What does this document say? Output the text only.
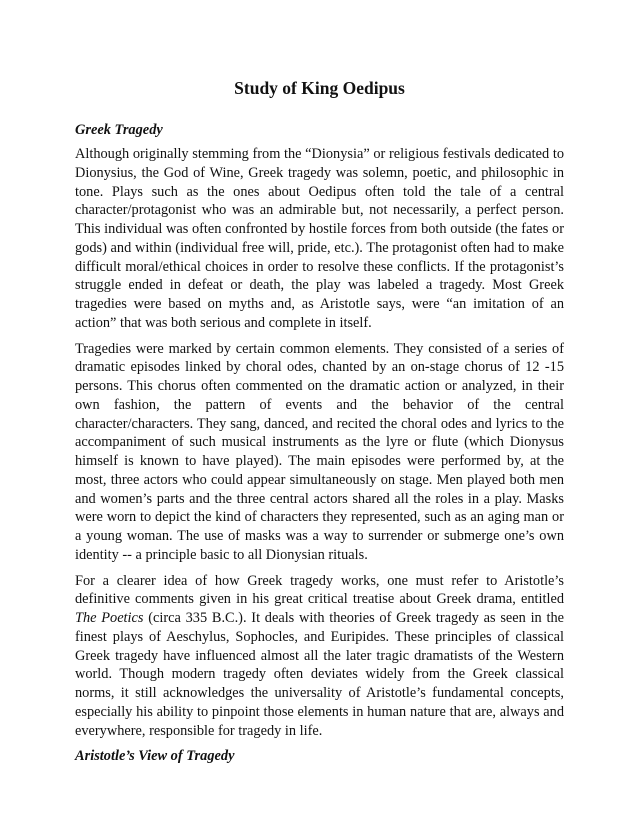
Study of King Oedipus
Greek Tragedy

Although originally stemming from the “Dionysia” or religious festivals dedicated to Dionysius, the God of Wine, Greek tragedy was solemn, poetic, and philosophic in tone. Plays such as the ones about Oedipus often told the tale of a central character/protagonist who was an admirable but, not necessarily, a perfect person. This individual was often confronted by hostile forces from both outside (the fates or gods) and within (individual free will, pride, etc.). The protagonist often had to make difficult moral/ethical choices in order to resolve these conflicts. If the protagonist’s struggle ended in defeat or death, the play was labeled a tragedy. Most Greek tragedies were based on myths and, as Aristotle says, were “an imitation of an action” that was both serious and complete in itself.

Tragedies were marked by certain common elements. They consisted of a series of dramatic episodes linked by choral odes, chanted by an on-stage chorus of 12 -15 persons. This chorus often commented on the dramatic action or analyzed, in their own fashion, the pattern of events and the behavior of the central character/characters. They sang, danced, and recited the choral odes and lyrics to the accompaniment of such musical instruments as the lyre or flute (which Dionysus himself is known to have played). The main episodes were performed by, at the most, three actors who could appear simultaneously on stage. Men played both men and women’s parts and the three central actors shared all the roles in a play. Masks were worn to depict the kind of characters they represented, such as an aging man or a young woman. The use of masks was a way to surrender or submerge one’s own identity -- a principle basic to all Dionysian rituals.

For a clearer idea of how Greek tragedy works, one must refer to Aristotle’s definitive comments given in his great critical treatise about Greek drama, entitled The Poetics (circa 335 B.C.). It deals with theories of Greek tragedy as seen in the finest plays of Aeschylus, Sophocles, and Euripides. These principles of classical Greek tragedy have influenced almost all the later tragic dramatists of the Western world. Though modern tragedy often deviates widely from the Greek classical norms, it still acknowledges the universality of Aristotle’s fundamental concepts, especially his ability to pinpoint those elements in human nature that are, always and everywhere, responsible for tragedy in life.

Aristotle’s View of Tragedy
